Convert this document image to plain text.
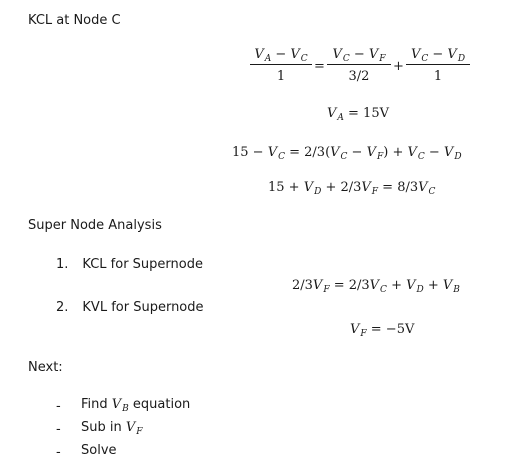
KCL at Node C
$V_A - V_C$
1
=
$V_C - V_F$
3/2
+
$V_C - V_D$
1
$V_A = 15V$
$15 - V_C = 2/3(V_C - V_F) + V_C - V_D$
$15 + V_D + 2/3V_F = 8/3V_C$
Super Node Analysis
1. KCL for Supernode
2. KVL for Supernode
$2/3V_F = 2/3V_C + V_D + V_B$
$V_F = -5V$
Next:
- Find $V_B$ equation
- Sub in $V_F$
- Solve
